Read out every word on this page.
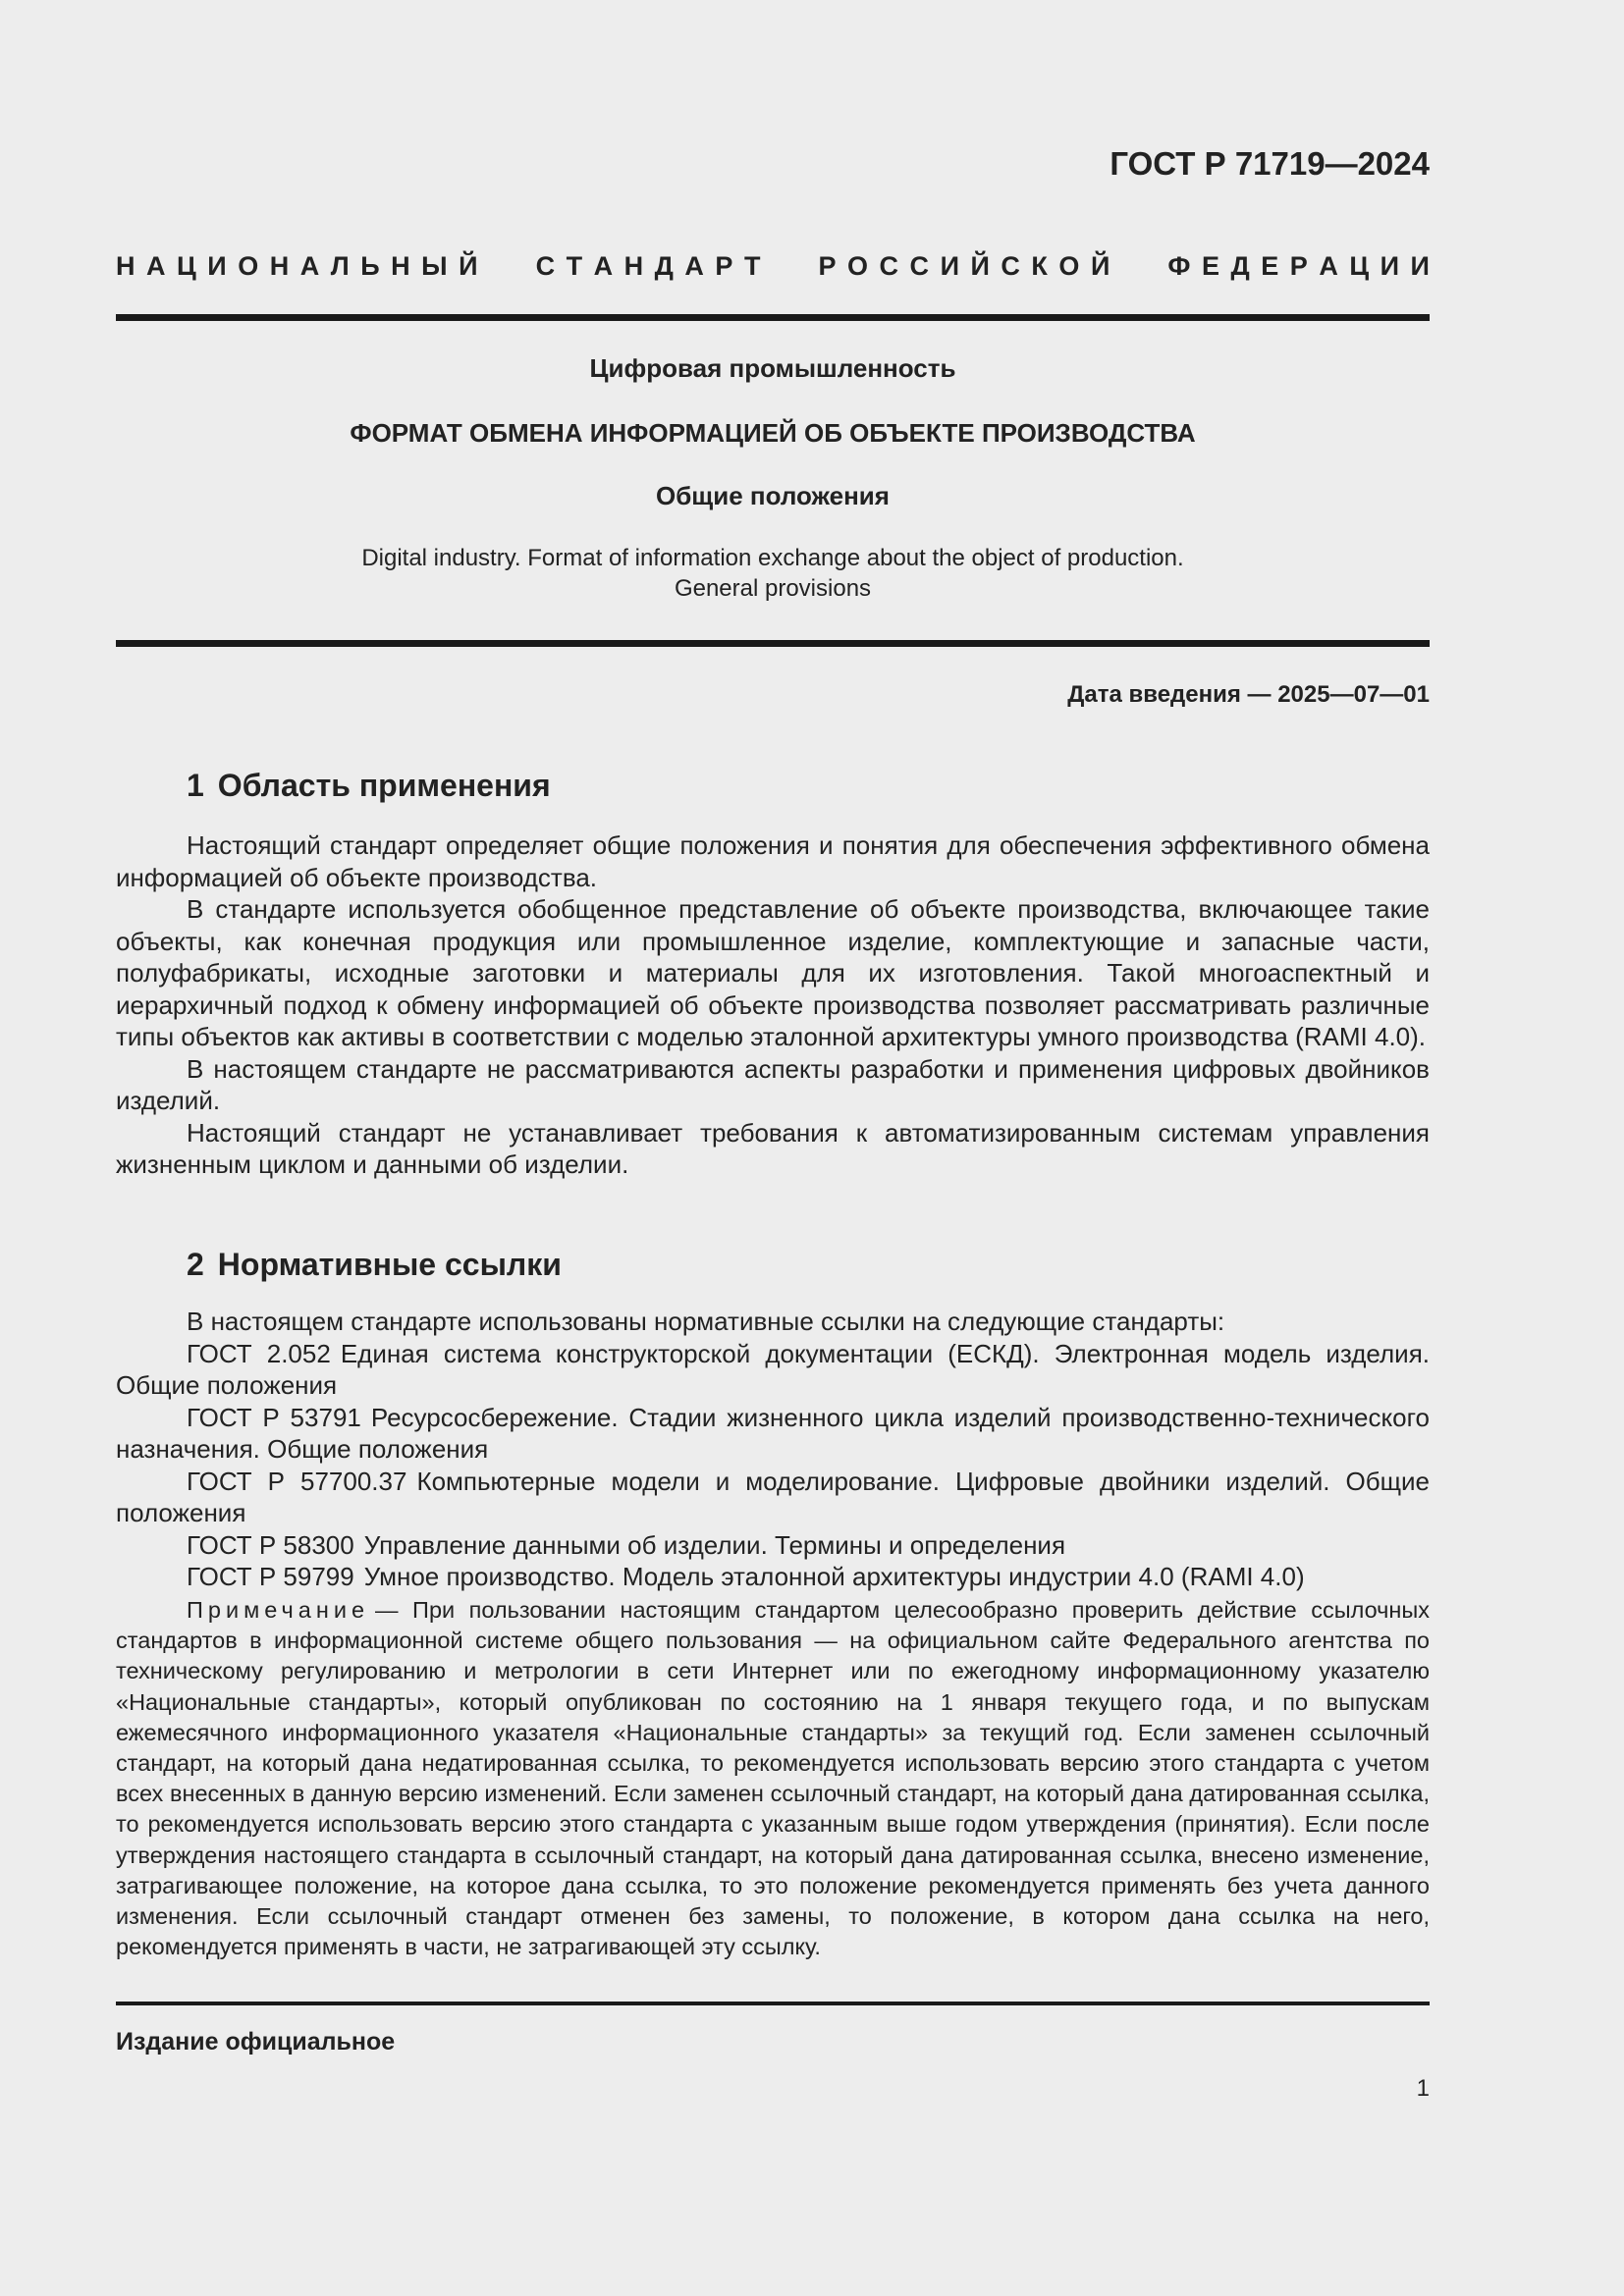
ГОСТ Р 71719—2024
Н А Ц И О Н А Л Ь Н Ы Й С Т А Н Д А Р Т Р О С С И Й С К О Й Ф Е Д Е Р А Ц И И
Цифровая промышленность
ФОРМАТ ОБМЕНА ИНФОРМАЦИЕЙ ОБ ОБЪЕКТЕ ПРОИЗВОДСТВА
Общие положения
Digital industry. Format of information exchange about the object of production.
General provisions
Дата введения — 2025—07—01
1 Область применения

Настоящий стандарт определяет общие положения и понятия для обеспечения эффективного обмена информацией об объекте производства.

В стандарте используется обобщенное представление об объекте производства, включающее такие объекты, как конечная продукция или промышленное изделие, комплектующие и запасные части, полуфабрикаты, исходные заготовки и материалы для их изготовления. Такой многоаспектный и иерархичный подход к обмену информацией об объекте производства позволяет рассматривать различные типы объектов как активы в соответствии с моделью эталонной архитектуры умного производства (RAMI 4.0).

В настоящем стандарте не рассматриваются аспекты разработки и применения цифровых двойников изделий.

Настоящий стандарт не устанавливает требования к автоматизированным системам управления жизненным циклом и данными об изделии.

2 Нормативные ссылки

В настоящем стандарте использованы нормативные ссылки на следующие стандарты:

ГОСТ 2.052 Единая система конструкторской документации (ЕСКД). Электронная модель изделия. Общие положения

ГОСТ Р 53791 Ресурсосбережение. Стадии жизненного цикла изделий производственно-технического назначения. Общие положения

ГОСТ Р 57700.37 Компьютерные модели и моделирование. Цифровые двойники изделий. Общие положения

ГОСТ Р 58300 Управление данными об изделии. Термины и определения

ГОСТ Р 59799 Умное производство. Модель эталонной архитектуры индустрии 4.0 (RAMI 4.0)

Примечание — При пользовании настоящим стандартом целесообразно проверить действие ссылочных стандартов в информационной системе общего пользования — на официальном сайте Федерального агентства по техническому регулированию и метрологии в сети Интернет или по ежегодному информационному указателю «Национальные стандарты», который опубликован по состоянию на 1 января текущего года, и по выпускам ежемесячного информационного указателя «Национальные стандарты» за текущий год. Если заменен ссылочный стандарт, на который дана недатированная ссылка, то рекомендуется использовать версию этого стандарта с учетом всех внесенных в данную версию изменений. Если заменен ссылочный стандарт, на который дана датированная ссылка, то рекомендуется использовать версию этого стандарта с указанным выше годом утверждения (принятия). Если после утверждения настоящего стандарта в ссылочный стандарт, на который дана датированная ссылка, внесено изменение, затрагивающее положение, на которое дана ссылка, то это положение рекомендуется применять без учета данного изменения. Если ссылочный стандарт отменен без замены, то положение, в котором дана ссылка на него, рекомендуется применять в части, не затрагивающей эту ссылку.
Издание официальное
1
